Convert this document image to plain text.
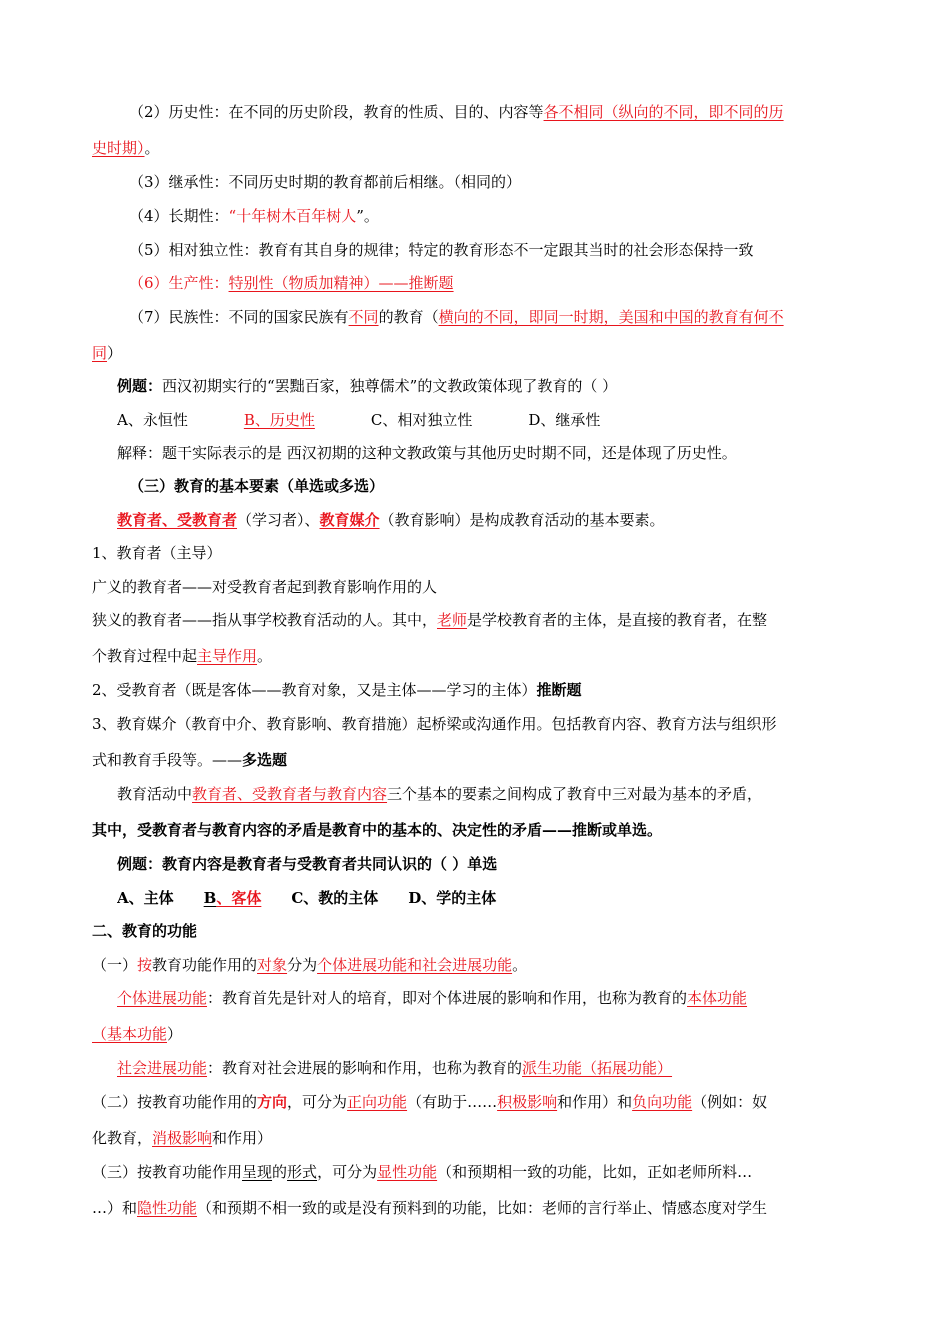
（2）历史性：在不同的历史阶段，教育的性质、目的、内容等各不相同（纵向的不同，即不同的历
史时期）。
（3）继承性：不同历史时期的教育都前后相继。（相同的）
（4）长期性：“十年树木百年树人”。
（5）相对独立性：教育有其自身的规律；特定的教育形态不一定跟其当时的社会形态保持一致
（6）生产性：特别性（物质加精神）——推断题
（7）民族性：不同的国家民族有不同的教育（横向的不同，即同一时期，美国和中国的教育有何不
同）
例题：西汉初期实行的“罢黜百家，独尊儒术”的文教政策体现了教育的（ ）
A、永恒性	B、历史性	C、相对独立性	D、继承性
解释：题干实际表示的是 西汉初期的这种文教政策与其他历史时期不同，还是体现了历史性。
（三）教育的基本要素（单选或多选）
教育者、受教育者（学习者）、教育媒介（教育影响）是构成教育活动的基本要素。
1、教育者（主导）
广义的教育者——对受教育者起到教育影响作用的人
狭义的教育者——指从事学校教育活动的人。其中，老师是学校教育者的主体，是直接的教育者，在整
个教育过程中起主导作用。
2、受教育者（既是客体——教育对象，又是主体——学习的主体）推断题
3、教育媒介（教育中介、教育影响、教育措施）起桥梁或沟通作用。包括教育内容、教育方法与组织形
式和教育手段等。——多选题
教育活动中教育者、受教育者与教育内容三个基本的要素之间构成了教育中三对最为基本的矛盾，
其中，受教育者与教育内容的矛盾是教育中的基本的、决定性的矛盾——推断或单选。
例题：教育内容是教育者与受教育者共同认识的（ ）单选
A、主体 B、客体 C、教的主体 D、学的主体
二、教育的功能
（一）按教育功能作用的对象分为个体进展功能和社会进展功能。
个体进展功能：教育首先是针对人的培育，即对个体进展的影响和作用，也称为教育的本体功能
（基本功能）
社会进展功能：教育对社会进展的影响和作用，也称为教育的派生功能（拓展功能）
（二）按教育功能作用的方向，可分为正向功能（有助于……积极影响和作用）和负向功能（例如：奴
化教育，消极影响和作用）
（三）按教育功能作用呈现的形式，可分为显性功能（和预期相一致的功能，比如，正如老师所料…
…）和隐性功能（和预期不相一致的或是没有预料到的功能，比如：老师的言行举止、情感态度对学生
